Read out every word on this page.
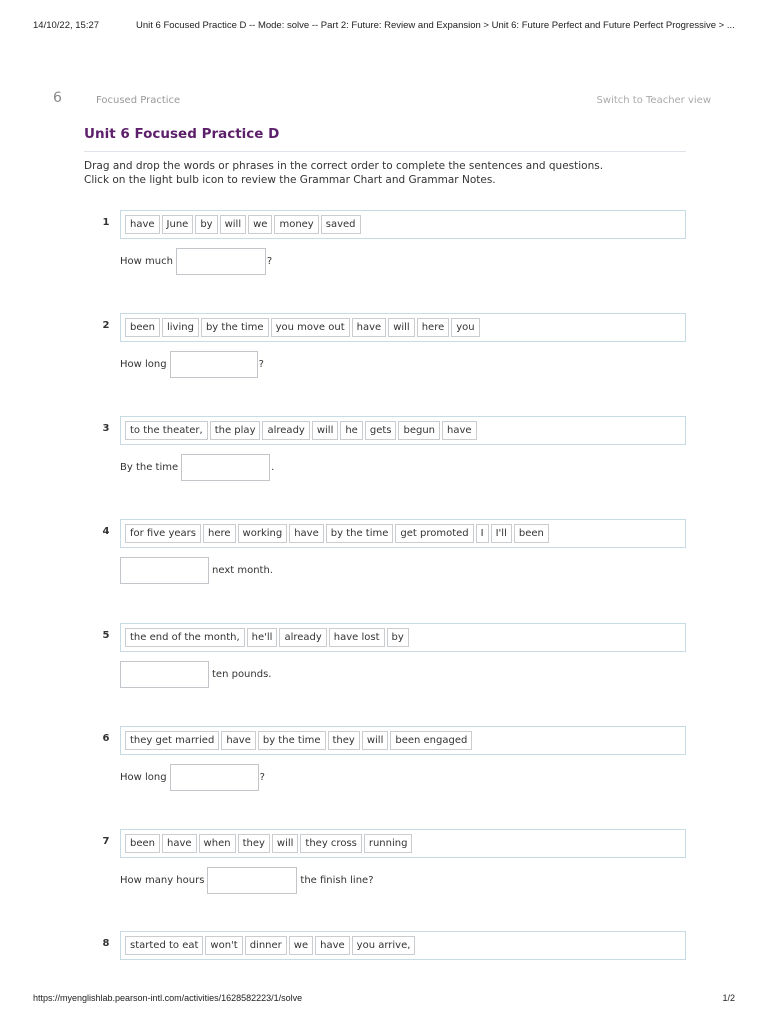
14/10/22, 15:27	Unit 6 Focused Practice D -- Mode: solve -- Part 2: Future: Review and Expansion > Unit 6: Future Perfect and Future Perfect Progressive > ...
6	Focused Practice	Switch to Teacher view
Unit 6 Focused Practice D
Drag and drop the words or phrases in the correct order to complete the sentences and questions.
Click on the light bulb icon to review the Grammar Chart and Grammar Notes.
1	have	June	by	will	we	money	saved
How much	?
2	been	living	by the time	you move out	have	will	here	you
How long	?
3	to the theater,	the play	already	will	he	gets	begun	have
By the time	.
4	for five years	here	working	have	by the time	get promoted	I	I'll	been
next month.
5	the end of the month,	he'll	already	have lost	by
ten pounds.
6	they get married	have	by the time	they	will	been engaged
How long	?
7	been	have	when	they	will	they cross	running
How many hours	the finish line?
8	started to eat	won't	dinner	we	have	you arrive,
https://myenglishlab.pearson-intl.com/activities/1628582223/1/solve	1/2
